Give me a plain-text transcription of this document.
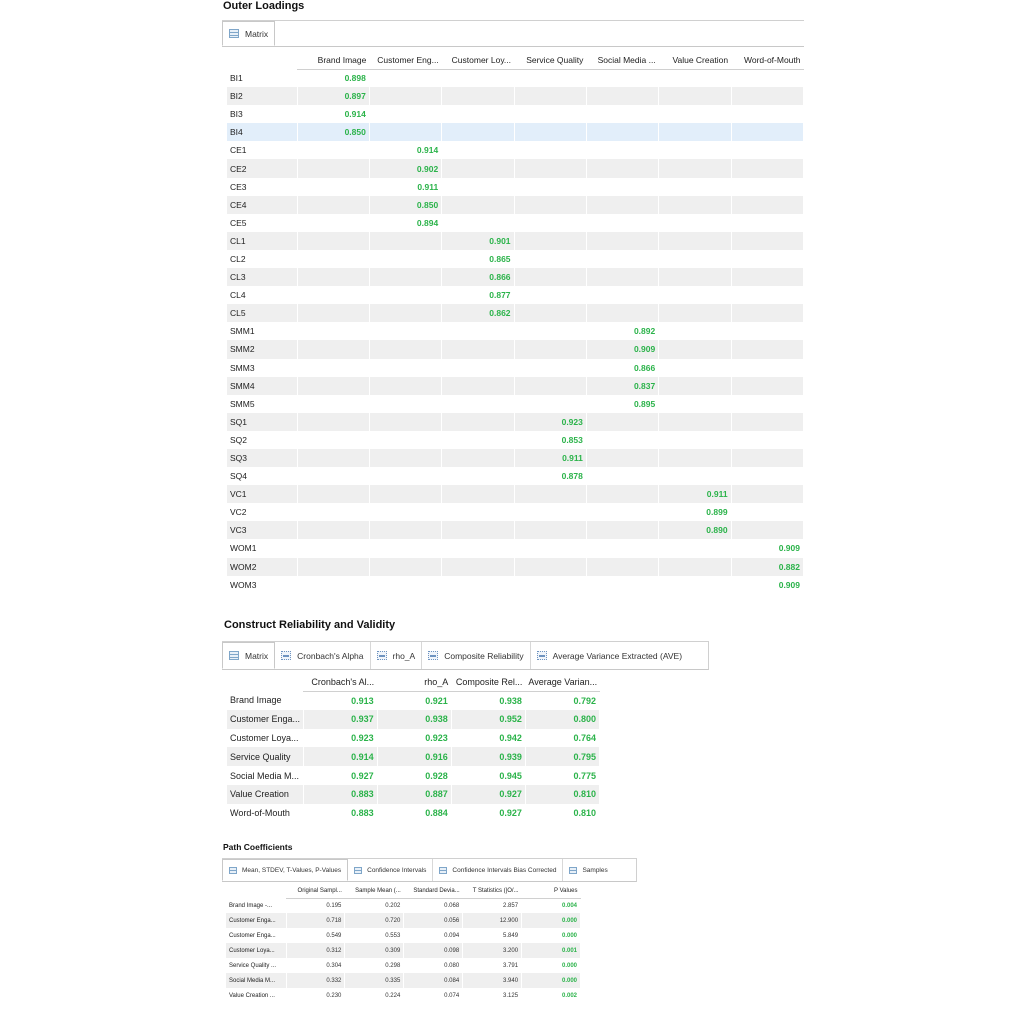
Outer Loadings
Matrix
	Brand Image	Customer Eng...	Customer Loy...	Service Quality	Social Media ...	Value Creation	Word-of-Mouth
BI1	0.898						
BI2	0.897						
BI3	0.914						
BI4	0.850						
CE1		0.914					
CE2		0.902					
CE3		0.911					
CE4		0.850					
CE5		0.894					
CL1			0.901				
CL2			0.865				
CL3			0.866				
CL4			0.877				
CL5			0.862				
SMM1					0.892		
SMM2					0.909		
SMM3					0.866		
SMM4					0.837		
SMM5					0.895		
SQ1				0.923			
SQ2				0.853			
SQ3				0.911			
SQ4				0.878			
VC1						0.911	
VC2						0.899	
VC3						0.890	
WOM1							0.909
WOM2							0.882
WOM3							0.909
Construct Reliability and Validity
Matrix	Cronbach's Alpha	rho_A	Composite Reliability	Average Variance Extracted (AVE)
	Cronbach's Al...	rho_A	Composite Rel...	Average Varian...
Brand Image	0.913	0.921	0.938	0.792
Customer Enga...	0.937	0.938	0.952	0.800
Customer Loya...	0.923	0.923	0.942	0.764
Service Quality	0.914	0.916	0.939	0.795
Social Media M...	0.927	0.928	0.945	0.775
Value Creation	0.883	0.887	0.927	0.810
Word-of-Mouth	0.883	0.884	0.927	0.810
Path Coefficients
Mean, STDEV, T-Values, P-Values	Confidence Intervals	Confidence Intervals Bias Corrected	Samples
	Original Sampl...	Sample Mean (...	Standard Devia...	T Statistics (|O/...	P Values
Brand Image -...	0.195	0.202	0.068	2.857	0.004
Customer Enga...	0.718	0.720	0.056	12.900	0.000
Customer Enga...	0.549	0.553	0.094	5.849	0.000
Customer Loya...	0.312	0.309	0.098	3.200	0.001
Service Quality ...	0.304	0.298	0.080	3.791	0.000
Social Media M...	0.332	0.335	0.084	3.940	0.000
Value Creation ...	0.230	0.224	0.074	3.125	0.002
